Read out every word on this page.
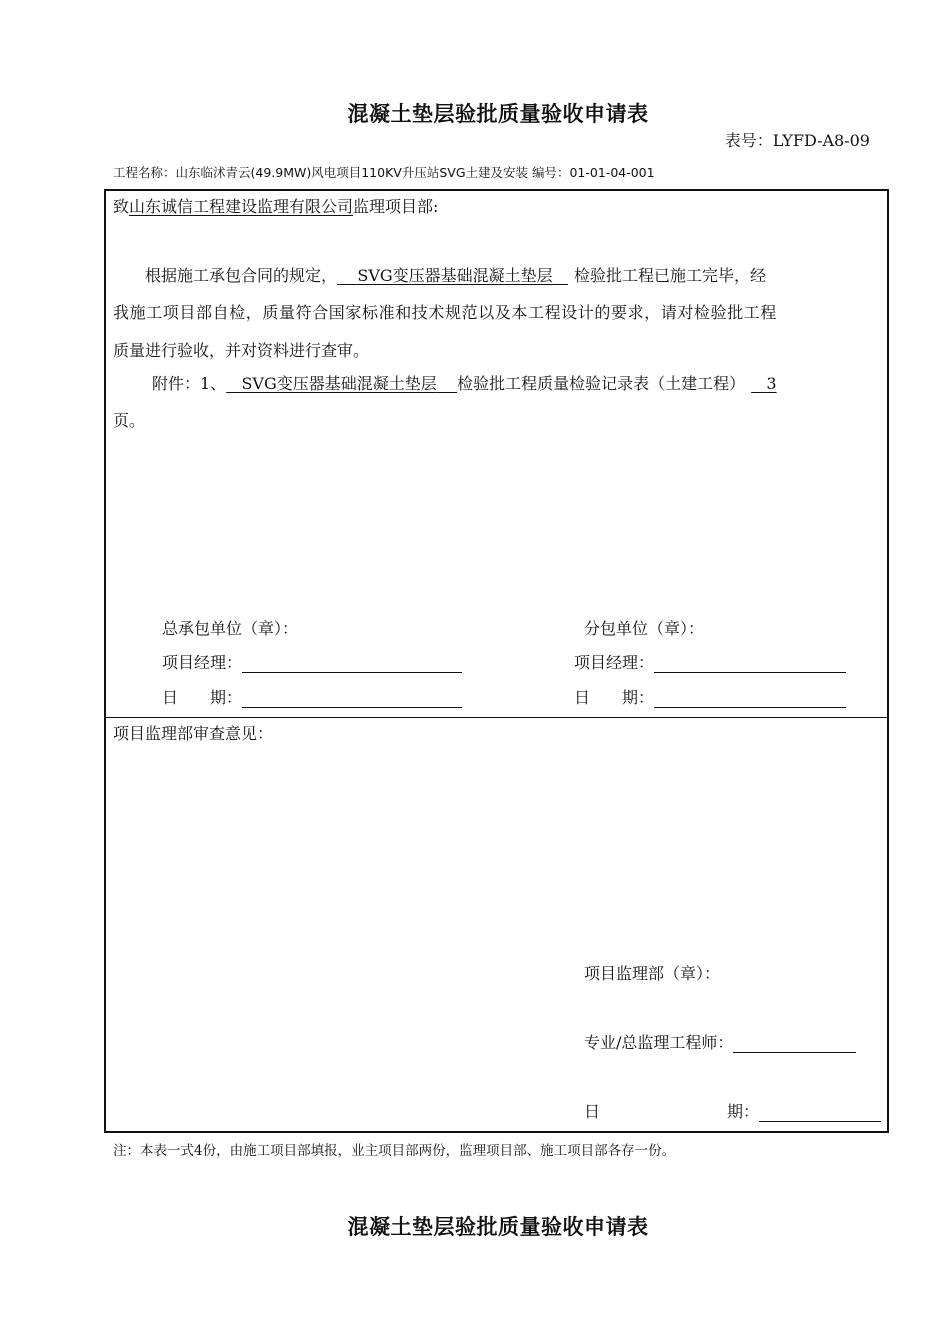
混凝土垫层验批质量验收申请表
表号：LYFD-A8-09
工程名称：山东临沭青云(49.9MW)风电项目110KV升压站SVG土建及安装 编号：01-01-04-001
致山东诚信工程建设监理有限公司监理项目部:
根据施工承包合同的规定， SVG变压器基础混凝土垫层 检验批工程已施工完毕，经
我施工项目部自检，质量符合国家标准和技术规范以及本工程设计的要求，请对检验批工程
质量进行验收，并对资料进行查审。
附件：1、 SVG变压器基础混凝土垫层 检验批工程质量检验记录表（土建工程） 3
页。
总承包单位（章）：	分包单位（章）：
项目经理：
日　　期：
项目经理：
日　　期：
项目监理部审查意见：
项目监理部（章）：
专业/总监理工程师：
日	期：
注：本表一式4份，由施工项目部填报，业主项目部两份，监理项目部、施工项目部各存一份。
混凝土垫层验批质量验收申请表
